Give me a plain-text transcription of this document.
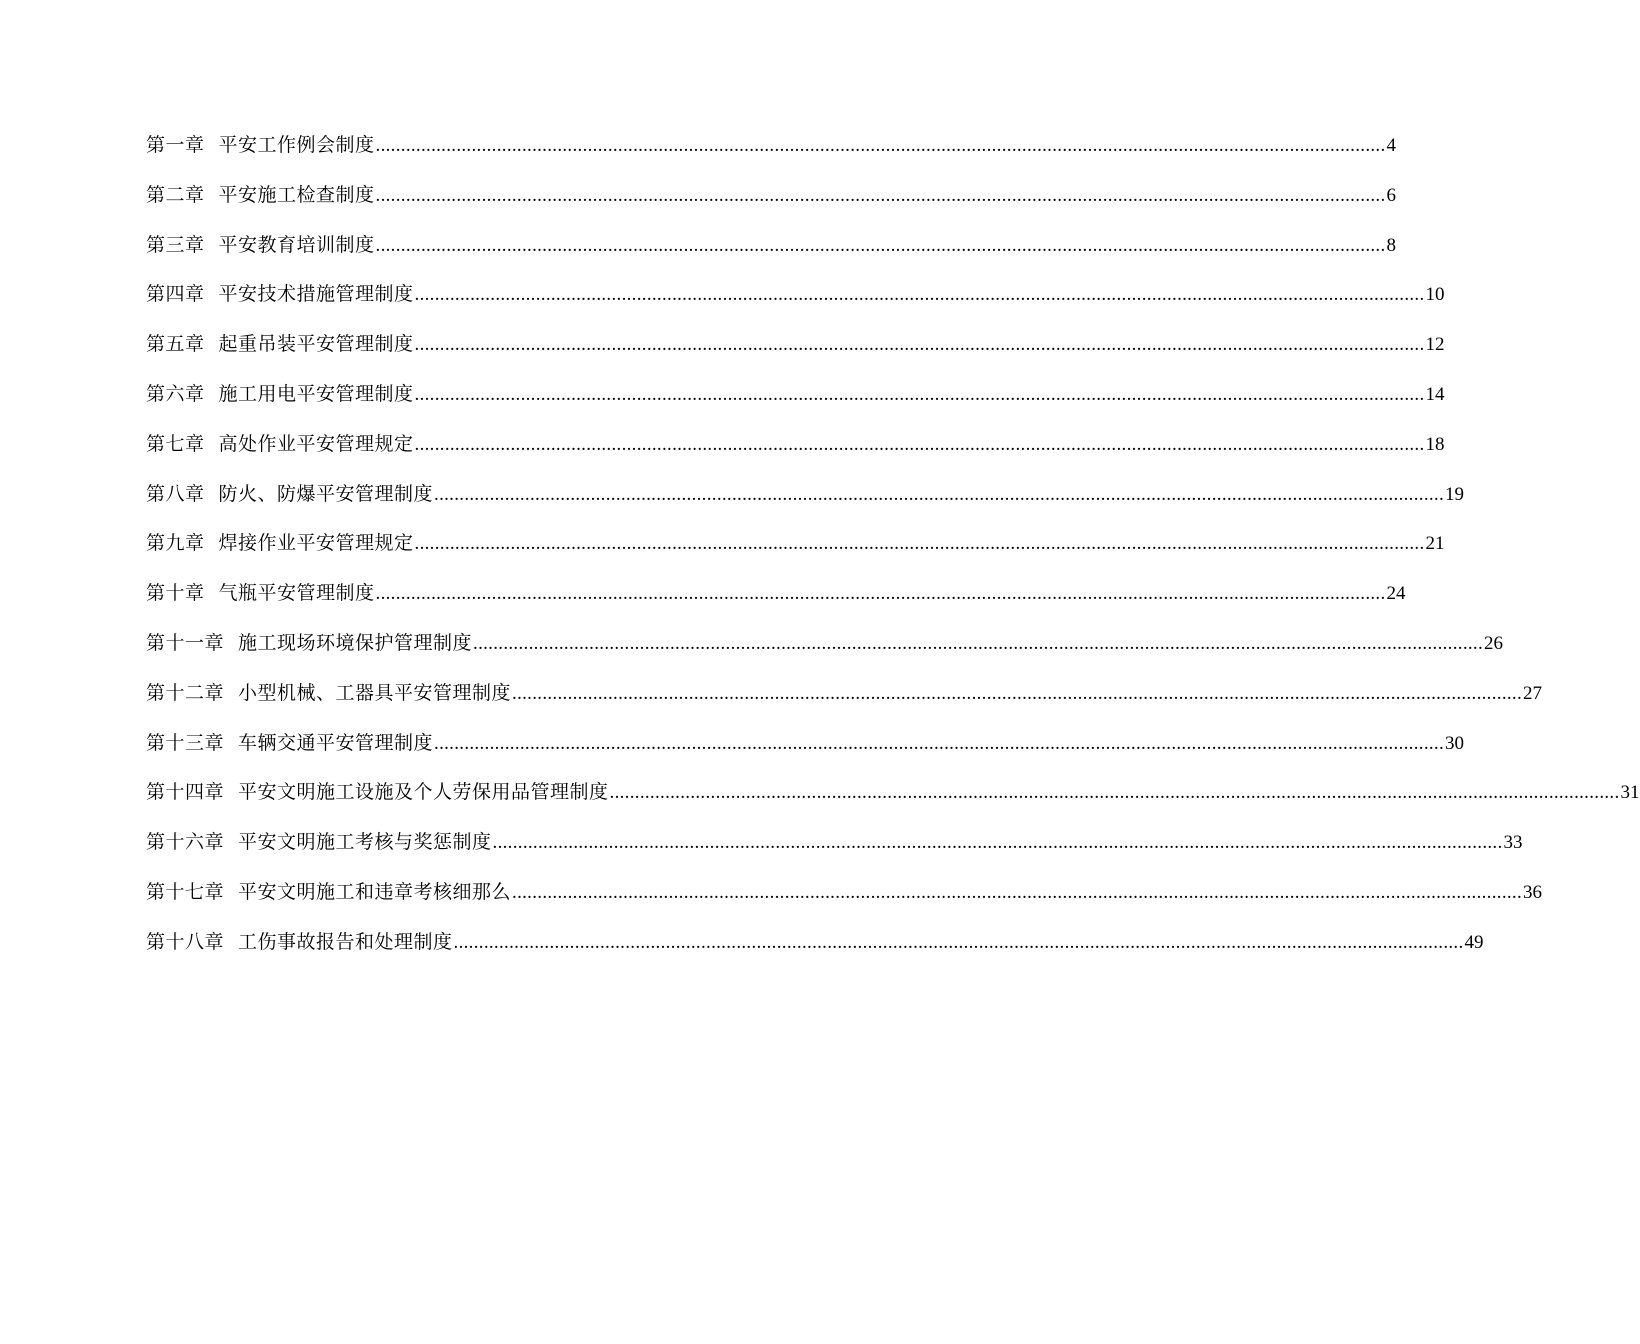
第一章 平安工作例会制度 ........................................................................................................................................................................................................ 4
第二章 平安施工检查制度 ........................................................................................................................................................................................................ 6
第三章 平安教育培训制度 ........................................................................................................................................................................................................ 8
第四章 平安技术措施管理制度 ........................................................................................................................................................................................................ 10
第五章 起重吊装平安管理制度 ........................................................................................................................................................................................................ 12
第六章 施工用电平安管理制度 ........................................................................................................................................................................................................ 14
第七章 高处作业平安管理规定 ........................................................................................................................................................................................................ 18
第八章 防火、防爆平安管理制度 ........................................................................................................................................................................................................ 19
第九章 焊接作业平安管理规定 ........................................................................................................................................................................................................ 21
第十章 气瓶平安管理制度 ........................................................................................................................................................................................................ 24
第十一章 施工现场环境保护管理制度 ........................................................................................................................................................................................................ 26
第十二章 小型机械、工器具平安管理制度 ........................................................................................................................................................................................................ 27
第十三章 车辆交通平安管理制度 ........................................................................................................................................................................................................ 30
第十四章 平安文明施工设施及个人劳保用品管理制度 ........................................................................................................................................................................................................ 31
第十六章 平安文明施工考核与奖惩制度 ........................................................................................................................................................................................................ 33
第十七章 平安文明施工和违章考核细那么 ........................................................................................................................................................................................................ 36
第十八章 工伤事故报告和处理制度 ........................................................................................................................................................................................................ 49
